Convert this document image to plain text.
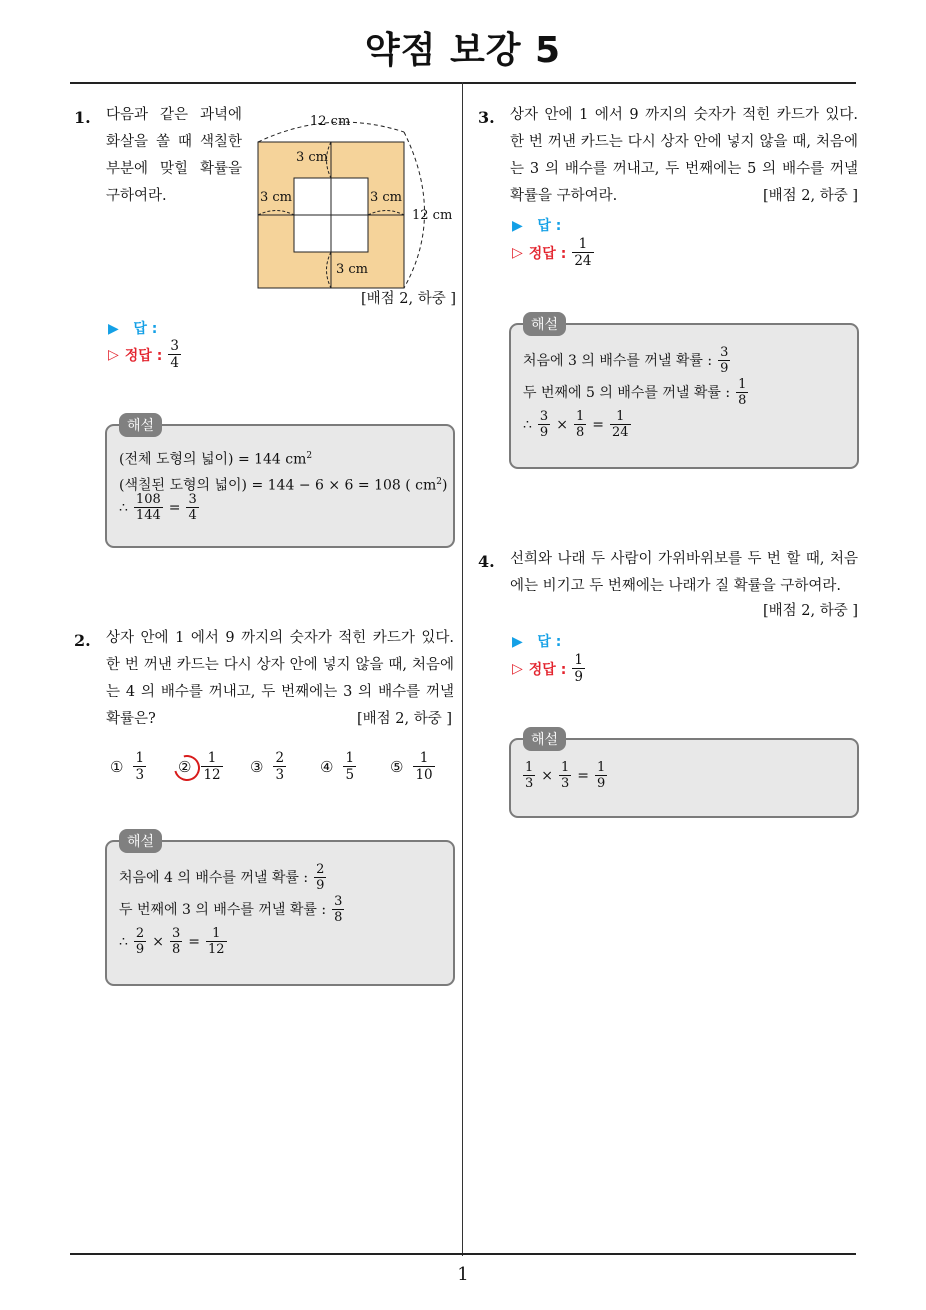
약점 보강 5
1
1. 다음과 같은 과녁에 화살을 쏠 때 색칠한 부분에 맞힐 확률을 구하여라.
12 cm
12 cm
3 cm
3 cm	3 cm
3 cm
[배점 2, 하중 ]
▶ 답 :
▷ 정답 : $\frac{3}{4}$
해설
(전체 도형의 넓이) = 144 $cm^2$
(색칠된 도형의 넓이) = 144 − 6 × 6 = 108 ( $cm^2$)
∴ $\frac{108}{144} = \frac{3}{4}$
2. 상자 안에 1 에서 9 까지의 숫자가 적힌 카드가 있다. 한 번 꺼낸 카드는 다시 상자 안에 넣지 않을 때, 처음에는 4 의 배수를 꺼내고, 두 번째에는 3 의 배수를 꺼낼 확률은?	[배점 2, 하중 ]
① $\frac{1}{3}$ ② $\frac{1}{12}$ ③ $\frac{2}{3}$ ④ $\frac{1}{5}$ ⑤ $\frac{1}{10}$
해설
처음에 4 의 배수를 꺼낼 확률 : $\frac{2}{9}$
두 번째에 3 의 배수를 꺼낼 확률 : $\frac{3}{8}$
∴ $\frac{2}{9} \times \frac{3}{8} = \frac{1}{12}$
3. 상자 안에 1 에서 9 까지의 숫자가 적힌 카드가 있다. 한 번 꺼낸 카드는 다시 상자 안에 넣지 않을 때, 처음에는 3 의 배수를 꺼내고, 두 번째에는 5 의 배수를 꺼낼 확률을 구하여라.	[배점 2, 하중 ]
▶ 답 :
▷ 정답 : $\frac{1}{24}$
해설
처음에 3 의 배수를 꺼낼 확률 : $\frac{3}{9}$
두 번째에 5 의 배수를 꺼낼 확률 : $\frac{1}{8}$
∴ $\frac{3}{9} \times \frac{1}{8} = \frac{1}{24}$
4. 선희와 나래 두 사람이 가위바위보를 두 번 할 때, 처음에는 비기고 두 번째에는 나래가 질 확률을 구하여라.
[배점 2, 하중 ]
▶ 답 :
▷ 정답 : $\frac{1}{9}$
해설
$\frac{1}{3} \times \frac{1}{3} = \frac{1}{9}$
